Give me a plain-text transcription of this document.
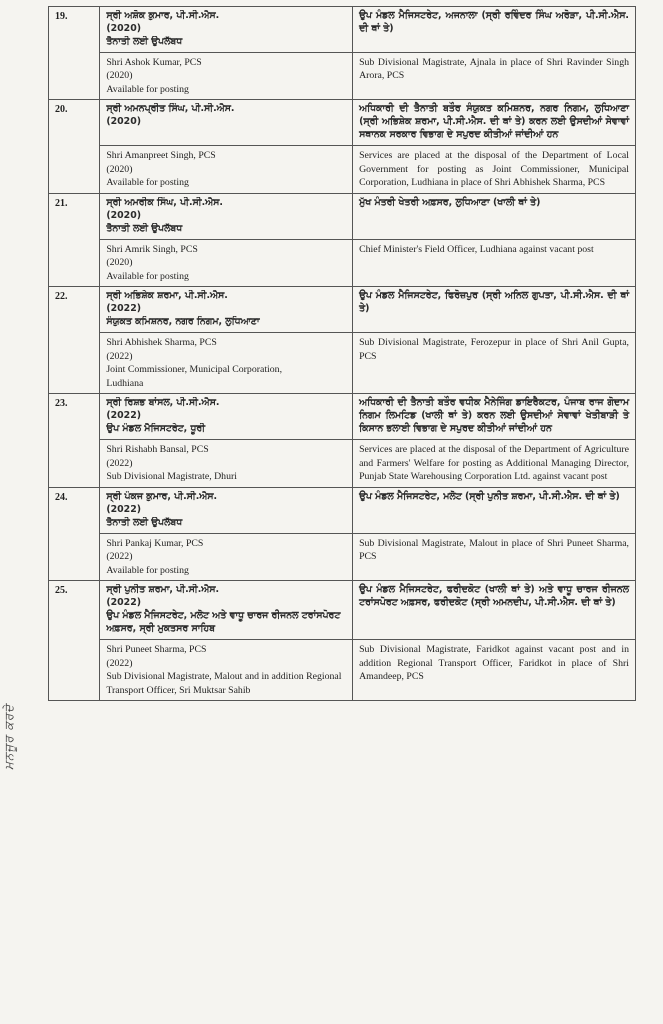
ਮਨਜੂਰ ਕਰਦੇ
19.	ਸ੍ਰੀ ਅਸ਼ੋਕ ਕੁਮਾਰ, ਪੀ.ਸੀ.ਐਸ.
(2020)
ਤੈਨਾਤੀ ਲਈ ਉਪਲੱਬਧ	ਉਪ ਮੰਡਲ ਮੈਜਿਸਟਰੇਟ, ਅਜਨਾਲਾ (ਸ੍ਰੀ ਰਵਿੰਦਰ ਸਿੰਘ ਅਰੋੜਾ, ਪੀ.ਸੀ.ਐਸ. ਦੀ ਥਾਂ ਤੇ)

	Shri Ashok Kumar, PCS
(2020)
Available for posting	Sub Divisional Magistrate, Ajnala in place of Shri Ravinder Singh Arora, PCS
20.	ਸ੍ਰੀ ਅਮਨਪ੍ਰੀਤ ਸਿੰਘ, ਪੀ.ਸੀ.ਐਸ.
(2020)	ਅਧਿਕਾਰੀ ਦੀ ਤੈਨਾਤੀ ਬਤੌਰ ਸੰਯੁਕਤ ਕਮਿਸ਼ਨਰ, ਨਗਰ ਨਿਗਮ, ਲੁਧਿਆਣਾ (ਸ੍ਰੀ ਅਭਿਸ਼ੇਕ ਸ਼ਰਮਾ, ਪੀ.ਸੀ.ਐਸ. ਦੀ ਥਾਂ ਤੇ) ਕਰਨ ਲਈ ਉਸਦੀਆਂ ਸੇਵਾਵਾਂ ਸਥਾਨਕ ਸਰਕਾਰ ਵਿਭਾਗ ਦੇ ਸਪੁਰਦ ਕੀਤੀਆਂ ਜਾਂਦੀਆਂ ਹਨ

	Shri Amanpreet Singh, PCS
(2020)
Available for posting	Services are placed at the disposal of the Department of Local Government for posting as Joint Commissioner, Municipal Corporation, Ludhiana in place of Shri Abhishek Sharma, PCS
21.	ਸ੍ਰੀ ਅਮਰੀਕ ਸਿੰਘ, ਪੀ.ਸੀ.ਐਸ.
(2020)
ਤੈਨਾਤੀ ਲਈ ਉਪਲੱਬਧ	ਮੁੱਖ ਮੰਤਰੀ ਖੇਤਰੀ ਅਫ਼ਸਰ, ਲੁਧਿਆਣਾ (ਖਾਲੀ ਥਾਂ ਤੇ)

	Shri Amrik Singh, PCS
(2020)
Available for posting	Chief Minister's Field Officer, Ludhiana against vacant post
22.	ਸ੍ਰੀ ਅਭਿਸ਼ੇਕ ਸ਼ਰਮਾ, ਪੀ.ਸੀ.ਐਸ.
(2022)
ਸੰਯੁਕਤ ਕਮਿਸ਼ਨਰ, ਨਗਰ ਨਿਗਮ, ਲੁਧਿਆਣਾ	ਉਪ ਮੰਡਲ ਮੈਜਿਸਟਰੇਟ, ਫਿਰੋਜ਼ਪੁਰ (ਸ੍ਰੀ ਅਨਿਲ ਗੁਪਤਾ, ਪੀ.ਸੀ.ਐਸ. ਦੀ ਥਾਂ ਤੇ)

	Shri Abhishek Sharma, PCS
(2022)
Joint Commissioner, Municipal Corporation,
Ludhiana	Sub Divisional Magistrate, Ferozepur in place of Shri Anil Gupta, PCS
23.	ਸ੍ਰੀ ਰਿਸ਼ਭ ਬਾਂਸਲ, ਪੀ.ਸੀ.ਐਸ.
(2022)
ਉਪ ਮੰਡਲ ਮੈਜਿਸਟਰੇਟ, ਧੂਰੀ	ਅਧਿਕਾਰੀ ਦੀ ਤੈਨਾਤੀ ਬਤੌਰ ਵਧੀਕ ਮੈਨੇਜਿੰਗ ਡਾਇਰੈਕਟਰ, ਪੰਜਾਬ ਰਾਜ ਗੋਦਾਮ ਨਿਗਮ ਲਿਮਟਿਡ (ਖਾਲੀ ਥਾਂ ਤੇ) ਕਰਨ ਲਈ ਉਸਦੀਆਂ ਸੇਵਾਵਾਂ ਖੇਤੀਬਾੜੀ ਤੇ ਕਿਸਾਨ ਭਲਾਈ ਵਿਭਾਗ ਦੇ ਸਪੁਰਦ ਕੀਤੀਆਂ ਜਾਂਦੀਆਂ ਹਨ

	Shri Rishabh Bansal, PCS
(2022)
Sub Divisional Magistrate, Dhuri	Services are placed at the disposal of the Department of Agriculture and Farmers' Welfare for posting as Additional Managing Director, Punjab State Warehousing Corporation Ltd. against vacant post
24.	ਸ੍ਰੀ ਪੰਕਜ ਕੁਮਾਰ, ਪੀ.ਸੀ.ਐਸ.
(2022)
ਤੈਨਾਤੀ ਲਈ ਉਪਲੱਬਧ	ਉਪ ਮੰਡਲ ਮੈਜਿਸਟਰੇਟ, ਮਲੋਟ (ਸ੍ਰੀ ਪੁਨੀਤ ਸ਼ਰਮਾ, ਪੀ.ਸੀ.ਐਸ. ਦੀ ਥਾਂ ਤੇ)

	Shri Pankaj Kumar, PCS
(2022)
Available for posting	Sub Divisional Magistrate, Malout in place of Shri Puneet Sharma, PCS
25.	ਸ੍ਰੀ ਪੁਨੀਤ ਸ਼ਰਮਾ, ਪੀ.ਸੀ.ਐਸ.
(2022)
ਉਪ ਮੰਡਲ ਮੈਜਿਸਟਰੇਟ, ਮਲੋਟ ਅਤੇ ਵਾਧੂ ਚਾਰਜ ਰੀਜਨਲ ਟਰਾਂਸਪੋਰਟ ਅਫ਼ਸਰ, ਸ੍ਰੀ ਮੁਕਤਸਰ ਸਾਹਿਬ	ਉਪ ਮੰਡਲ ਮੈਜਿਸਟਰੇਟ, ਫਰੀਦਕੋਟ (ਖਾਲੀ ਥਾਂ ਤੇ) ਅਤੇ ਵਾਧੂ ਚਾਰਜ ਰੀਜਨਲ ਟਰਾਂਸਪੋਰਟ ਅਫ਼ਸਰ, ਫਰੀਦਕੋਟ (ਸ੍ਰੀ ਅਮਨਦੀਪ, ਪੀ.ਸੀ.ਐਸ. ਦੀ ਥਾਂ ਤੇ)

	Shri Puneet Sharma, PCS
(2022)
Sub Divisional Magistrate, Malout and in addition Regional Transport Officer, Sri Muktsar Sahib	Sub Divisional Magistrate, Faridkot against vacant post and in addition Regional Transport Officer, Faridkot in place of Shri Amandeep, PCS
